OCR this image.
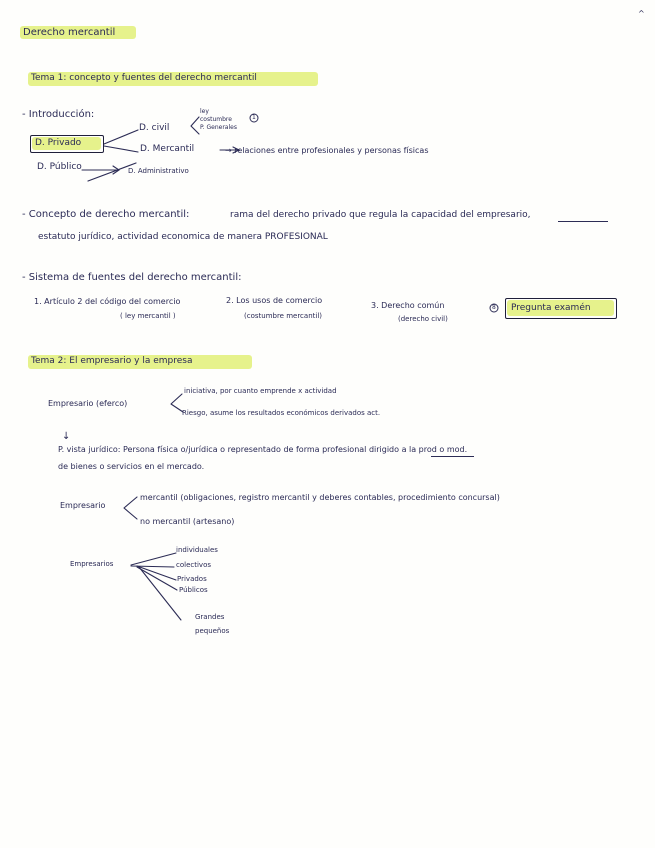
^
Derecho mercantil
Tema 1: concepto y fuentes del derecho mercantil
- Introducción:
D. Privado
D. Público
D. civil
ley
costumbre
P. Generales
1
D. Mercantil	→ relaciones entre profesionales y personas físicas
D. Administrativo
- Concepto de derecho mercantil:	rama del derecho privado que regula la capacidad del empresario,
estatuto jurídico, actividad economica de manera PROFESIONAL
- Sistema de fuentes del derecho mercantil:
1. Artículo 2 del código del comercio
( ley mercantil )
2. Los usos de comercio
(costumbre mercantil)
3. Derecho común
(derecho civil)
8 Pregunta examén
Tema 2: El empresario y la empresa
Empresario (eferco)
iniciativa, por cuanto emprende x actividad
Riesgo, asume los resultados económicos derivados act.
↓
P. vista jurídico: Persona física o/jurídica o representado de forma profesional dirigido a la prod o mod.
de bienes o servicios en el mercado.
Empresario
mercantil (obligaciones, registro mercantil y deberes contables, procedimiento concursal)
no mercantil (artesano)
Empresarios
individuales
colectivos
Privados
Públicos
Grandes
pequeños
